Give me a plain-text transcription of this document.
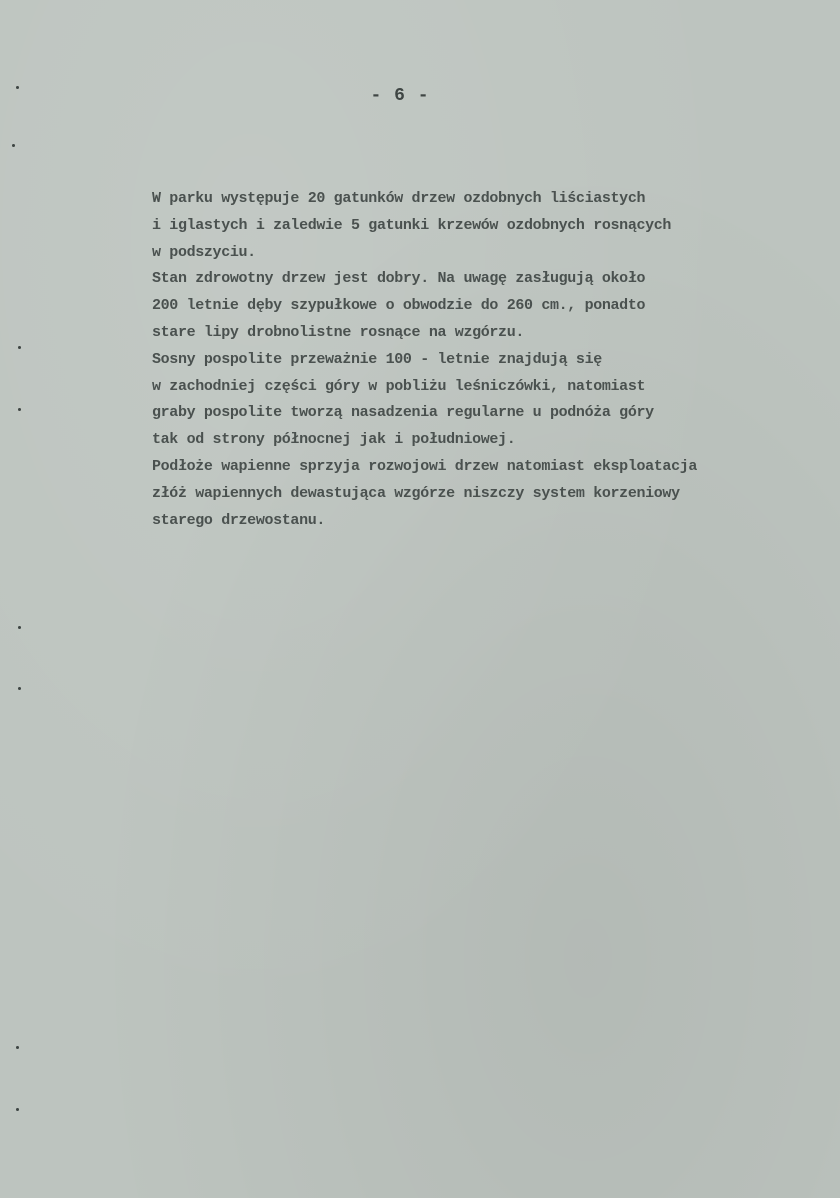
- 6 -
W parku występuje 20 gatunków drzew ozdobnych liściastych
i iglastych i zaledwie 5 gatunki krzewów ozdobnych rosnących
w podszyciu.
Stan zdrowotny drzew jest dobry. Na uwagę zasługują około
200 letnie dęby szypułkowe o obwodzie do 260 cm., ponadto
stare lipy drobnolistne rosnące na wzgórzu.
Sosny pospolite przeważnie 100 - letnie znajdują się
w zachodniej części góry w pobliżu leśniczówki, natomiast
graby pospolite tworzą nasadzenia regularne u podnóża góry
tak od strony północnej jak i południowej.
Podłoże wapienne sprzyja rozwojowi drzew natomiast eksploatacja
złóż wapiennych dewastująca wzgórze niszczy system korzeniowy
starego drzewostanu.
